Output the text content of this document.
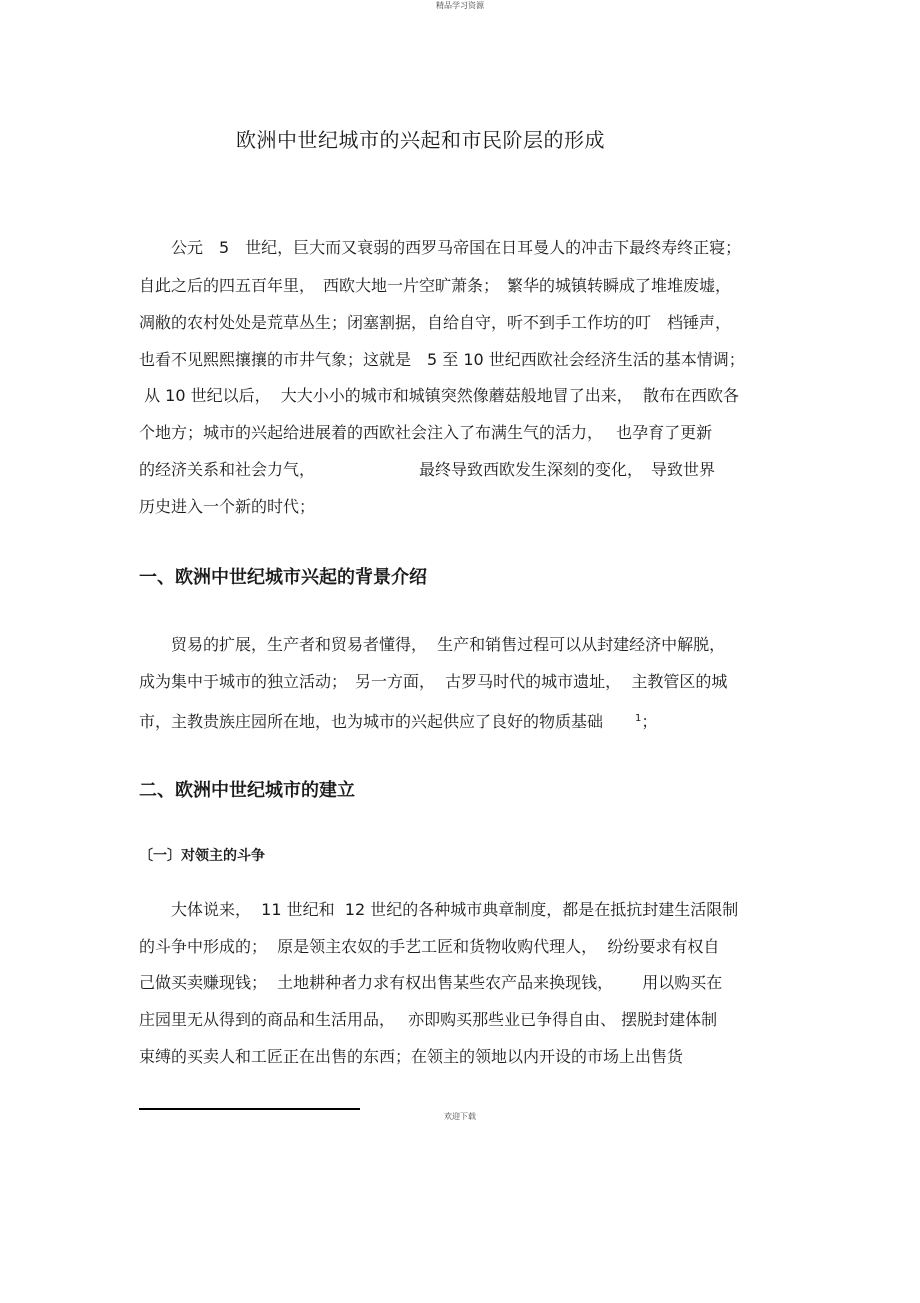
精品学习资源
欧洲中世纪城市的兴起和市民阶层的形成

　　公元　5　世纪，巨大而又衰弱的西罗马帝国在日耳曼人的冲击下最终寿终正寝；

自此之后的四五百年里，　西欧大地一片空旷萧条；　繁华的城镇转瞬成了堆堆废墟，

凋敝的农村处处是荒草丛生；闭塞割据，自给自守，听不到手工作坊的叮　档锤声，

也看不见熙熙攘攘的市井气象；这就是　5 至 10 世纪西欧社会经济生活的基本情调；

从 10 世纪以后，  大大小小的城市和城镇突然像蘑菇般地冒了出来，  散布在西欧各

个地方；城市的兴起给进展着的西欧社会注入了布满生气的活力，　 也孕育了更新

的经济关系和社会力气，　　　　　　　最终导致西欧发生深刻的变化，　导致世界

历史进入一个新的时代；

一、欧洲中世纪城市兴起的背景介绍

　　贸易的扩展，生产者和贸易者懂得，  生产和销售过程可以从封建经济中解脱，

成为集中于城市的独立活动；　另一方面，  古罗马时代的城市遗址，  主教管区的城

市，主教贵族庄园所在地，也为城市的兴起供应了良好的物质基础　　$^1$；

二、欧洲中世纪城市的建立
〔一〕对领主的斗争

　　大体说来，  11 世纪和  12 世纪的各种城市典章制度，都是在抵抗封建生活限制

的斗争中形成的；  原是领主农奴的手艺工匠和货物收购代理人，  纷纷要求有权自

己做买卖赚现钱；  土地耕种者力求有权出售某些农产品来换现钱，　　 用以购买在

庄园里无从得到的商品和生活用品，　 亦即购买那些业已争得自由、 摆脱封建体制

束缚的买卖人和工匠正在出售的东西；在领主的领地以内开设的市场上出售货

欢迎下载
